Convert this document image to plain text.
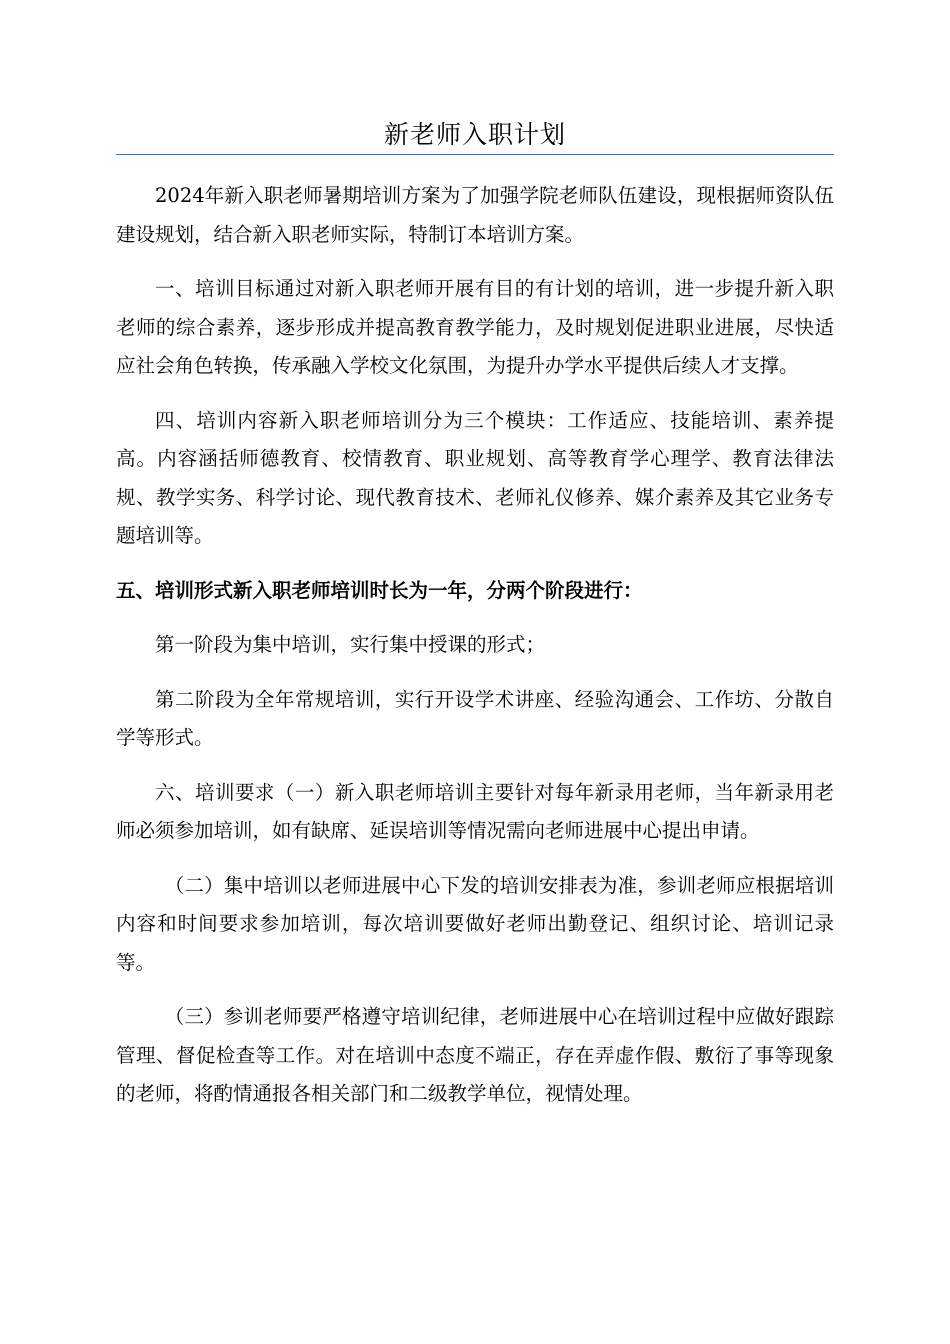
新老师入职计划

2024年新入职老师暑期培训方案为了加强学院老师队伍建设，现根据师资队伍建设规划，结合新入职老师实际，特制订本培训方案。

一、培训目标通过对新入职老师开展有目的有计划的培训，进一步提升新入职老师的综合素养，逐步形成并提高教育教学能力，及时规划促进职业进展，尽快适应社会角色转换，传承融入学校文化氛围，为提升办学水平提供后续人才支撑。

四、培训内容新入职老师培训分为三个模块：工作适应、技能培训、素养提高。内容涵括师德教育、校情教育、职业规划、高等教育学心理学、教育法律法规、教学实务、科学讨论、现代教育技术、老师礼仪修养、媒介素养及其它业务专题培训等。

五、培训形式新入职老师培训时长为一年，分两个阶段进行：

第一阶段为集中培训，实行集中授课的形式；

第二阶段为全年常规培训，实行开设学术讲座、经验沟通会、工作坊、分散自学等形式。

六、培训要求（一）新入职老师培训主要针对每年新录用老师，当年新录用老师必须参加培训，如有缺席、延误培训等情况需向老师进展中心提出申请。

（二）集中培训以老师进展中心下发的培训安排表为准，参训老师应根据培训内容和时间要求参加培训，每次培训要做好老师出勤登记、组织讨论、培训记录等。

（三）参训老师要严格遵守培训纪律，老师进展中心在培训过程中应做好跟踪管理、督促检查等工作。对在培训中态度不端正，存在弄虚作假、敷衍了事等现象的老师，将酌情通报各相关部门和二级教学单位，视情处理。
